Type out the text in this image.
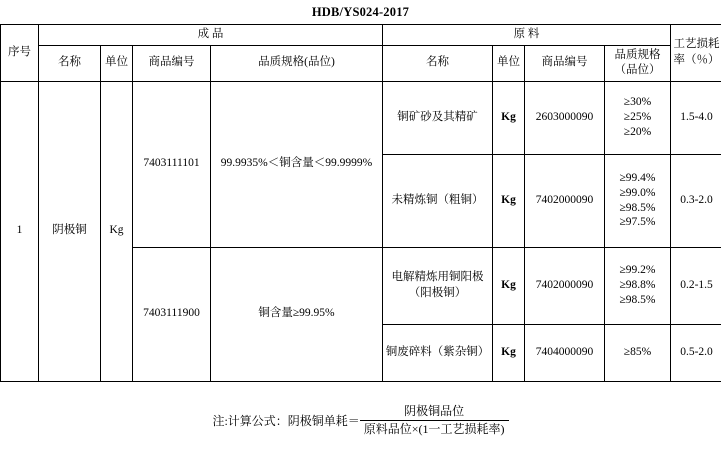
HDB/YS024-2017
序号	成 品				原 料				工艺损耗率（％）
	名称	单位	商品编号	品质规格(品位)	名称	单位	商品编号	品质规格（品位）	
1	阴极铜	Kg	7403111101	99.9935%＜铜含量＜99.9999%	铜矿砂及其精矿	Kg	2603000090	≥30%
≥25%
≥20%	1.5-4.0

					未精炼铜（粗铜）	Kg	7402000090	≥99.4%
≥99.0%
≥98.5%
≥97.5%	0.3-2.0
			7403111900	铜含量≥99.95%	电解精炼用铜阳极（阳极铜）	Kg	7402000090	≥99.2%
≥98.8%
≥98.5%	0.2-1.5
					铜废碎料（紫杂铜）	Kg	7404000090	≥85%	0.5-2.0
注:计算公式：阴极铜单耗＝ $\frac{\text{阴极铜品位}}{\text{原料品位×(1一工艺损耗率)}}$
